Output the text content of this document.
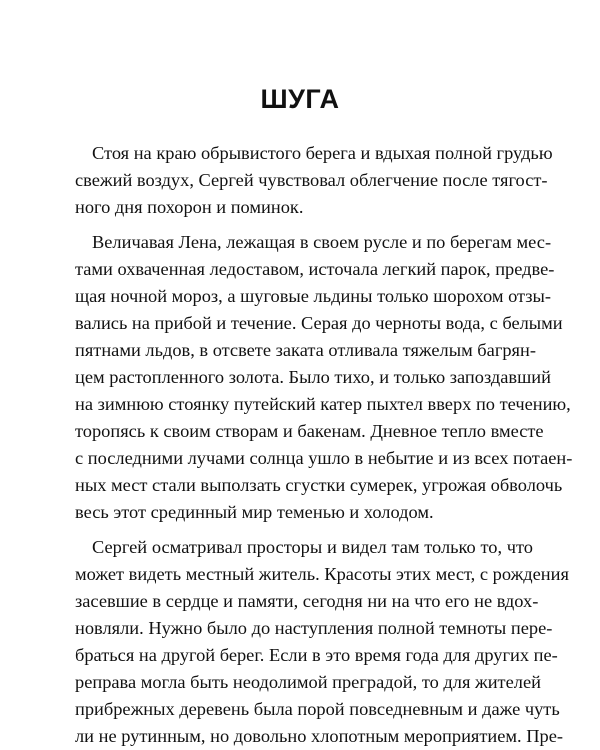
ШУГА
Стоя на краю обрывистого берега и вдыхая полной грудью
свежий воздух, Сергей чувствовал облегчение после тягост-
ного дня похорон и поминок.
Величавая Лена, лежащая в своем русле и по берегам мес-
тами охваченная ледоставом, источала легкий парок, предве-
щая ночной мороз, а шуговые льдины только шорохом отзы-
вались на прибой и течение. Серая до черноты вода, с белыми
пятнами льдов, в отсвете заката отливала тяжелым багрян-
цем растопленного золота. Было тихо, и только запоздавший
на зимнюю стоянку путейский катер пыхтел вверх по течению,
торопясь к своим створам и бакенам. Дневное тепло вместе
с последними лучами солнца ушло в небытие и из всех потаен-
ных мест стали выползать сгустки сумерек, угрожая обволочь
весь этот срединный мир теменью и холодом.
Сергей осматривал просторы и видел там только то, что
может видеть местный житель. Красоты этих мест, с рождения
засевшие в сердце и памяти, сегодня ни на что его не вдох-
новляли. Нужно было до наступления полной темноты пере-
браться на другой берег. Если в это время года для других пе-
реправа могла быть неодолимой преградой, то для жителей
прибрежных деревень была порой повседневным и даже чуть
ли не рутинным, но довольно хлопотным мероприятием. Пре-
